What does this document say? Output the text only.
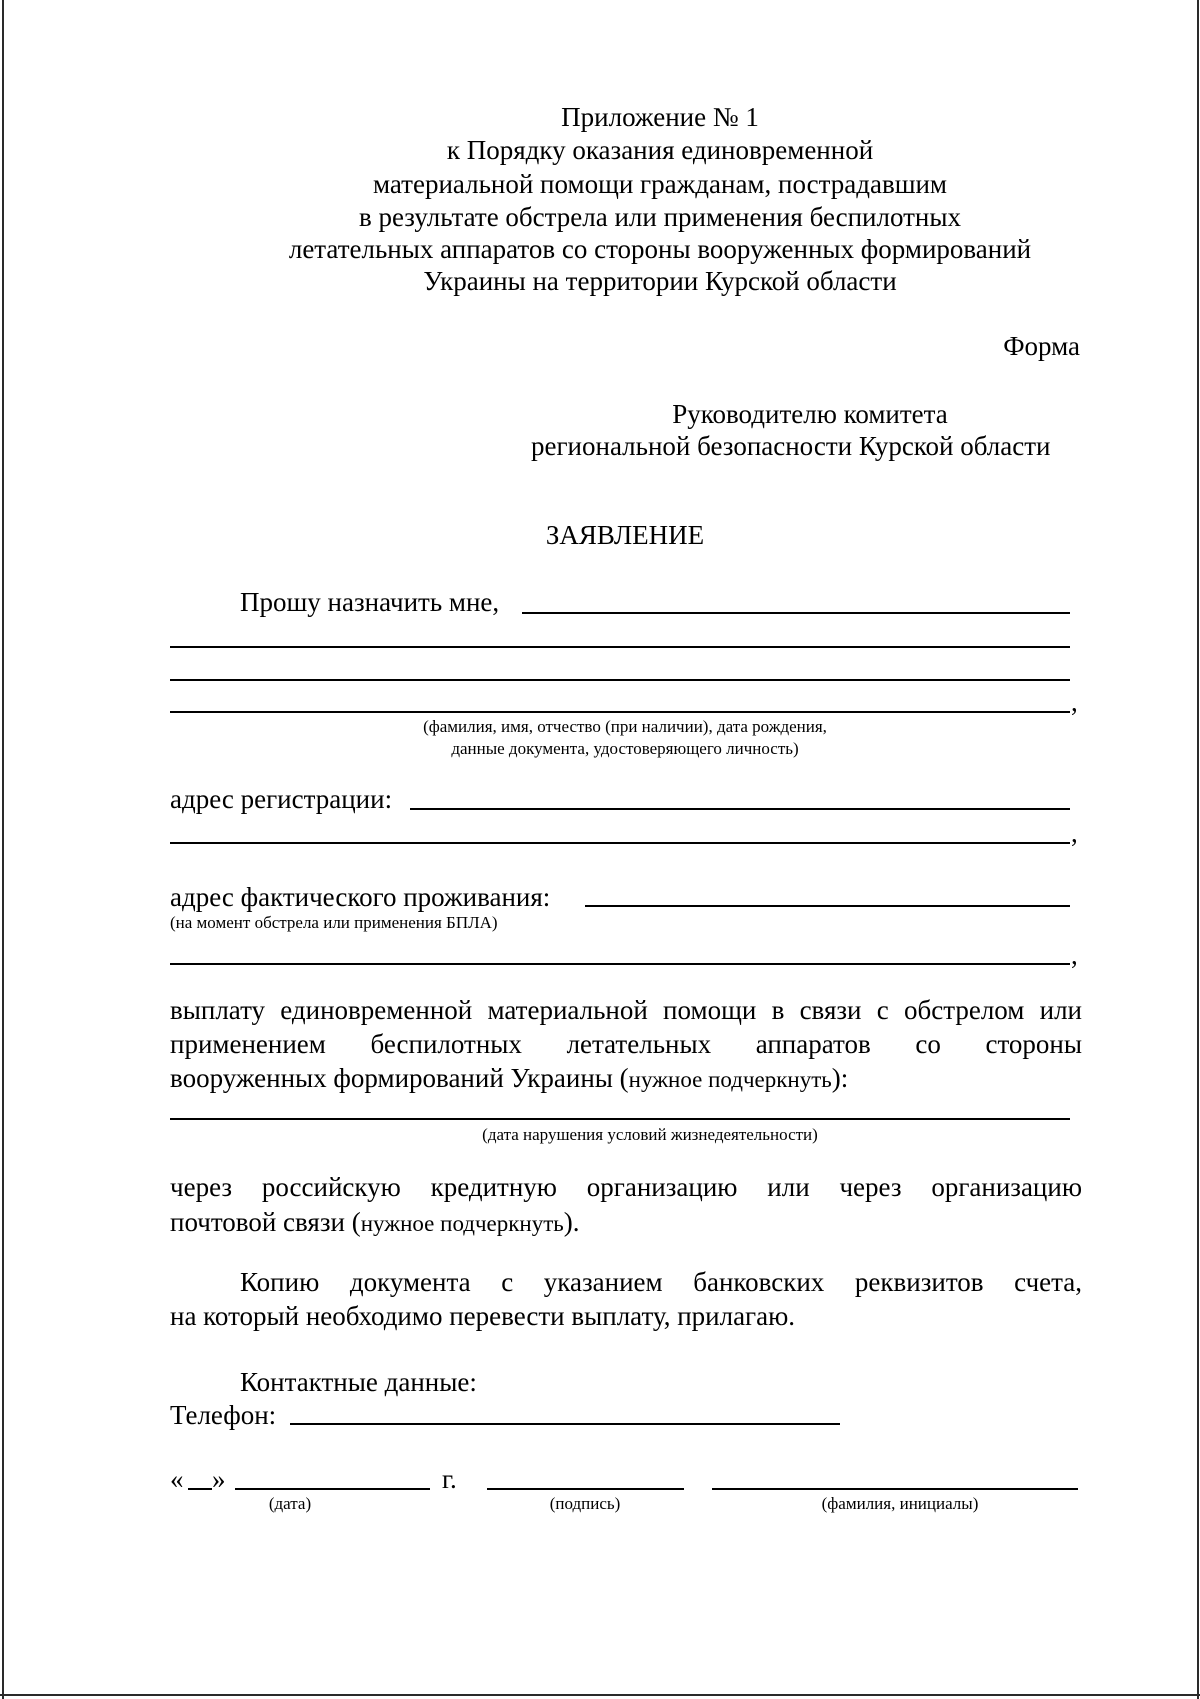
Приложение № 1
к Порядку оказания единовременной
материальной помощи гражданам, пострадавшим
в результате обстрела или применения беспилотных
летательных аппаратов со стороны вооруженных формирований
Украины на территории Курской области
Форма
Руководителю комитета
региональной безопасности Курской области
ЗАЯВЛЕНИЕ
Прошу назначить мне,
,
(фамилия, имя, отчество (при наличии), дата рождения,
данные документа, удостоверяющего личность)
адрес регистрации:
,
адрес фактического проживания:
(на момент обстрела или применения БПЛА)
,
выплату единовременной материальной помощи в связи с обстрелом или
применением беспилотных летательных аппаратов со стороны
вооруженных формирований Украины (нужное подчеркнуть):
(дата нарушения условий жизнедеятельности)
через российскую кредитную организацию или через организацию
почтовой связи (нужное подчеркнуть).
Копию документа с указанием банковских реквизитов счета,
на который необходимо перевести выплату, прилагаю.
Контактные данные:
Телефон:
« »	г.
(дата)	(подпись)	(фамилия, инициалы)
